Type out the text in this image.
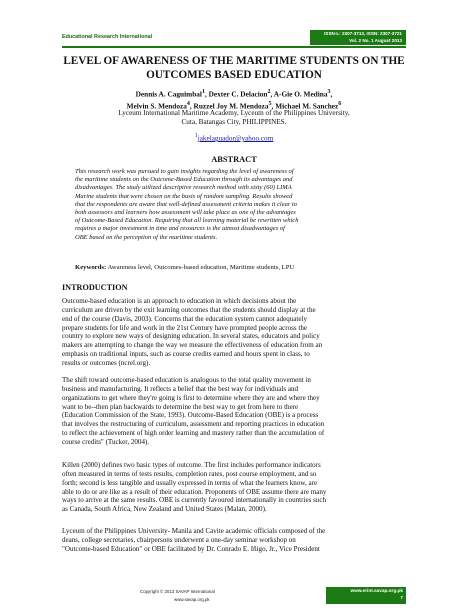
Educational Research International
ISSN-L: 2307-3713, ISSN: 2307-3721
Vol. 2 No. 1 August 2013
LEVEL OF AWARENESS OF THE MARITIME STUDENTS ON THE
OUTCOMES BASED EDUCATION
Dennis A. Caguimbal$^1$, Dexter C. Delacion$^2$, A-Gie O. Medina$^3$,
Melvin S. Mendoza$^4$, Ruzzel Joy M. Mendoza$^5$, Michael M. Sanchez$^6$
Lyceum International Maritime Academy, Lyceum of the Philippines University,
Cuta, Batangas City, PHILIPPINES.
$^1$jakelaguador@yahoo.com
ABSTRACT
This research work was pursued to gain insights regarding the level of awareness of
the maritime students on the Outcome-Based Education through its advantages and
disadvantages. The study utilized descriptive research method with sixty (60) LIMA
Marine students that were chosen on the basis of random sampling. Results showed
that the respondents are aware that well-defined assessment criteria makes it clear to
both assessors and learners how assessment will take place as one of the advantages
of Outcome-Based Education. Requiring that all learning material be rewritten which
requires a major investment in time and resources is the utmost disadvantages of
OBE based on the perception of the maritime students.
Keywords: Awareness level, Outcomes-based education, Maritime students, LPU
INTRODUCTION
Outcome-based education is an approach to education in which decisions about the
curriculum are driven by the exit learning outcomes that the students should display at the
end of the course (Davis, 2003). Concerns that the education system cannot adequately
prepare students for life and work in the 21st Century have prompted people across the
country to explore new ways of designing education. In several states, educators and policy
makers are attempting to change the way we measure the effectiveness of education from an
emphasis on traditional inputs, such as course credits earned and hours spent in class, to
results or outcomes (ncrel.org).
The shift toward outcome-based education is analogous to the total quality movement in
business and manufacturing. It reflects a belief that the best way for individuals and
organizations to get where they're going is first to determine where they are and where they
want to be--then plan backwards to determine the best way to get from here to there
(Education Commission of the State, 1993). Outcome-Based Education (OBE) is a process
that involves the restructuring of curriculum, assessment and reporting practices in education
to reflect the achievement of high order learning and mastery rather than the accumulation of
course credits" (Tucker, 2004).
Killen (2000) defines two basic types of outcome. The first includes performance indicators
often measured in terms of tests results, completion rates, post course employment, and so
forth; second is less tangible and usually expressed in terms of what the learners know, are
able to do or are like as a result of their education. Proponents of OBE assume there are many
ways to arrive at the same results. OBE is currently favoured internationally in countries such
as Canada, South Africa, New Zealand and United States (Malan, 2000).
Lyceum of the Philippines University- Manila and Cavite academic officials composed of the
deans, college secretaries, chairpersons underwent a one-day seminar workshop on
"Outcome-based Education" or OBE facilitated by Dr. Conrado E. Iñigo, Jr., Vice President
Copyright © 2013 SAVAP International
www.savap.org.pk
www.erint.savap.org.pk
7
